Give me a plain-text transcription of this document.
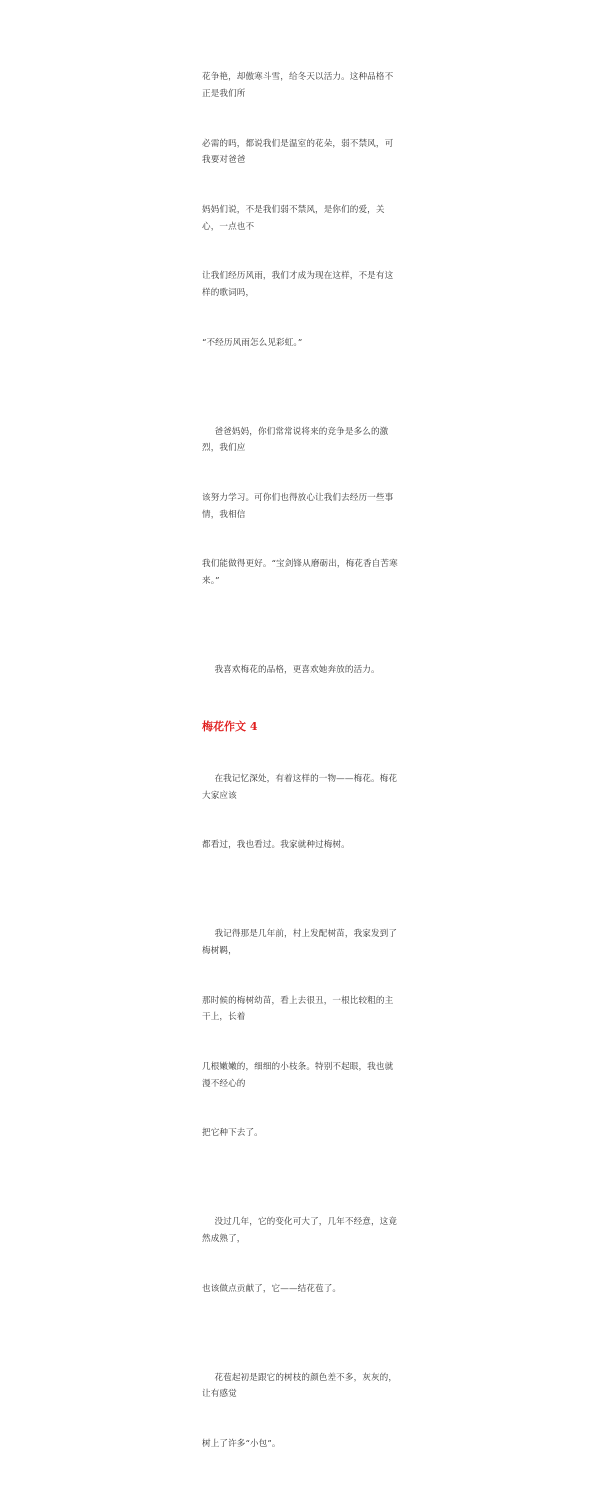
花争艳，却傲寒斗雪，给冬天以活力。这种品格不正是我们所

必需的吗，都说我们是温室的花朵，弱不禁风，可我要对爸爸

妈妈们说，不是我们弱不禁风，是你们的爱，关心，一点也不

让我们经历风雨，我们才成为现在这样，不是有这样的歌词吗，

“不经历风雨怎么见彩虹。”

爸爸妈妈，你们常常说将来的竞争是多么的激烈，我们应

该努力学习。可你们也得放心让我们去经历一些事情，我相信

我们能做得更好。“宝剑锋从磨砺出，梅花香自苦寒来。”

我喜欢梅花的品格，更喜欢她奔放的活力。

梅花作文 4

在我记忆深处，有着这样的一物——梅花。梅花大家应该

都看过，我也看过。我家就种过梅树。

我记得那是几年前，村上发配树苗，我家发到了梅树羁，

那时候的梅树幼苗，看上去很丑，一根比较粗的主干上，长着

几根嫩嫩的，细细的小枝条。特别不起眼，我也就漫不经心的

把它种下去了。

没过几年，它的变化可大了，几年不经意，这竟然成熟了，

也该做点贡献了，它——结花苞了。

花苞起初是跟它的树枝的颜色差不多，灰灰的，让有感觉

树上了许多“小包”。
